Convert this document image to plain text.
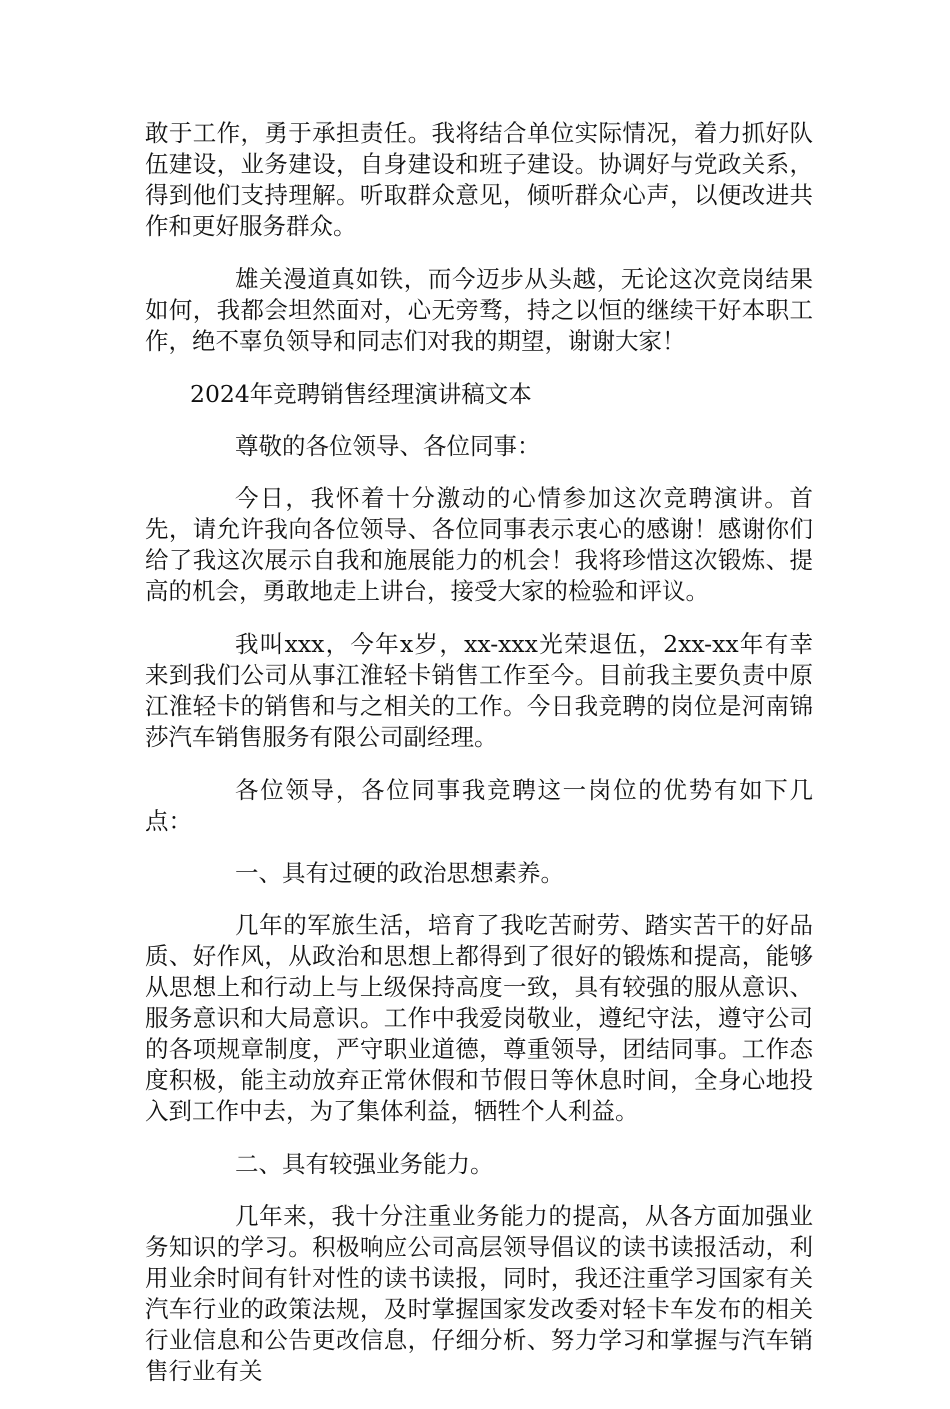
敢于工作，勇于承担责任。我将结合单位实际情况，着力抓好队伍建设，业务建设，自身建设和班子建设。协调好与党政关系，得到他们支持理解。听取群众意见，倾听群众心声，以便改进共作和更好服务群众。

雄关漫道真如铁，而今迈步从头越，无论这次竞岗结果如何，我都会坦然面对，心无旁骛，持之以恒的继续干好本职工作，绝不辜负领导和同志们对我的期望，谢谢大家！

2024年竞聘销售经理演讲稿文本

尊敬的各位领导、各位同事：

今日，我怀着十分激动的心情参加这次竞聘演讲。首先，请允许我向各位领导、各位同事表示衷心的感谢！感谢你们给了我这次展示自我和施展能力的机会！我将珍惜这次锻炼、提高的机会，勇敢地走上讲台，接受大家的检验和评议。

我叫xxx，今年x岁，xx-xxx光荣退伍，2xx-xx年有幸来到我们公司从事江淮轻卡销售工作至今。目前我主要负责中原江淮轻卡的销售和与之相关的工作。今日我竞聘的岗位是河南锦莎汽车销售服务有限公司副经理。

各位领导，各位同事我竞聘这一岗位的优势有如下几点：

一、具有过硬的政治思想素养。

几年的军旅生活，培育了我吃苦耐劳、踏实苦干的好品质、好作风，从政治和思想上都得到了很好的锻炼和提高，能够从思想上和行动上与上级保持高度一致，具有较强的服从意识、服务意识和大局意识。工作中我爱岗敬业，遵纪守法，遵守公司的各项规章制度，严守职业道德，尊重领导，团结同事。工作态度积极，能主动放弃正常休假和节假日等休息时间，全身心地投入到工作中去，为了集体利益，牺牲个人利益。

二、具有较强业务能力。

几年来，我十分注重业务能力的提高，从各方面加强业务知识的学习。积极响应公司高层领导倡议的读书读报活动，利用业余时间有针对性的读书读报，同时，我还注重学习国家有关汽车行业的政策法规，及时掌握国家发改委对轻卡车发布的相关行业信息和公告更改信息，仔细分析、努力学习和掌握与汽车销售行业有关
